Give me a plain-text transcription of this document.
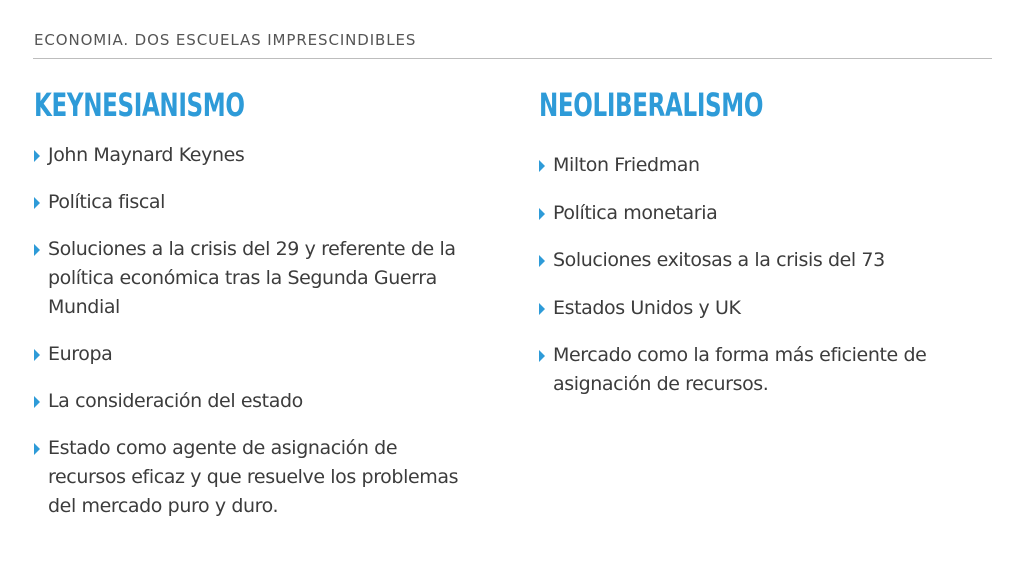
ECONOMIA. DOS ESCUELAS IMPRESCINDIBLES
KEYNESIANISMO
John Maynard Keynes
Política fiscal
Soluciones a la crisis del 29 y referente de la política económica tras la Segunda Guerra Mundial
Europa
La consideración del estado
Estado como agente de asignación de recursos eficaz y que resuelve los problemas del mercado puro y duro.
NEOLIBERALISMO
Milton Friedman
Política monetaria
Soluciones exitosas a la crisis del 73
Estados Unidos y UK
Mercado como la forma más eficiente de asignación de recursos.
